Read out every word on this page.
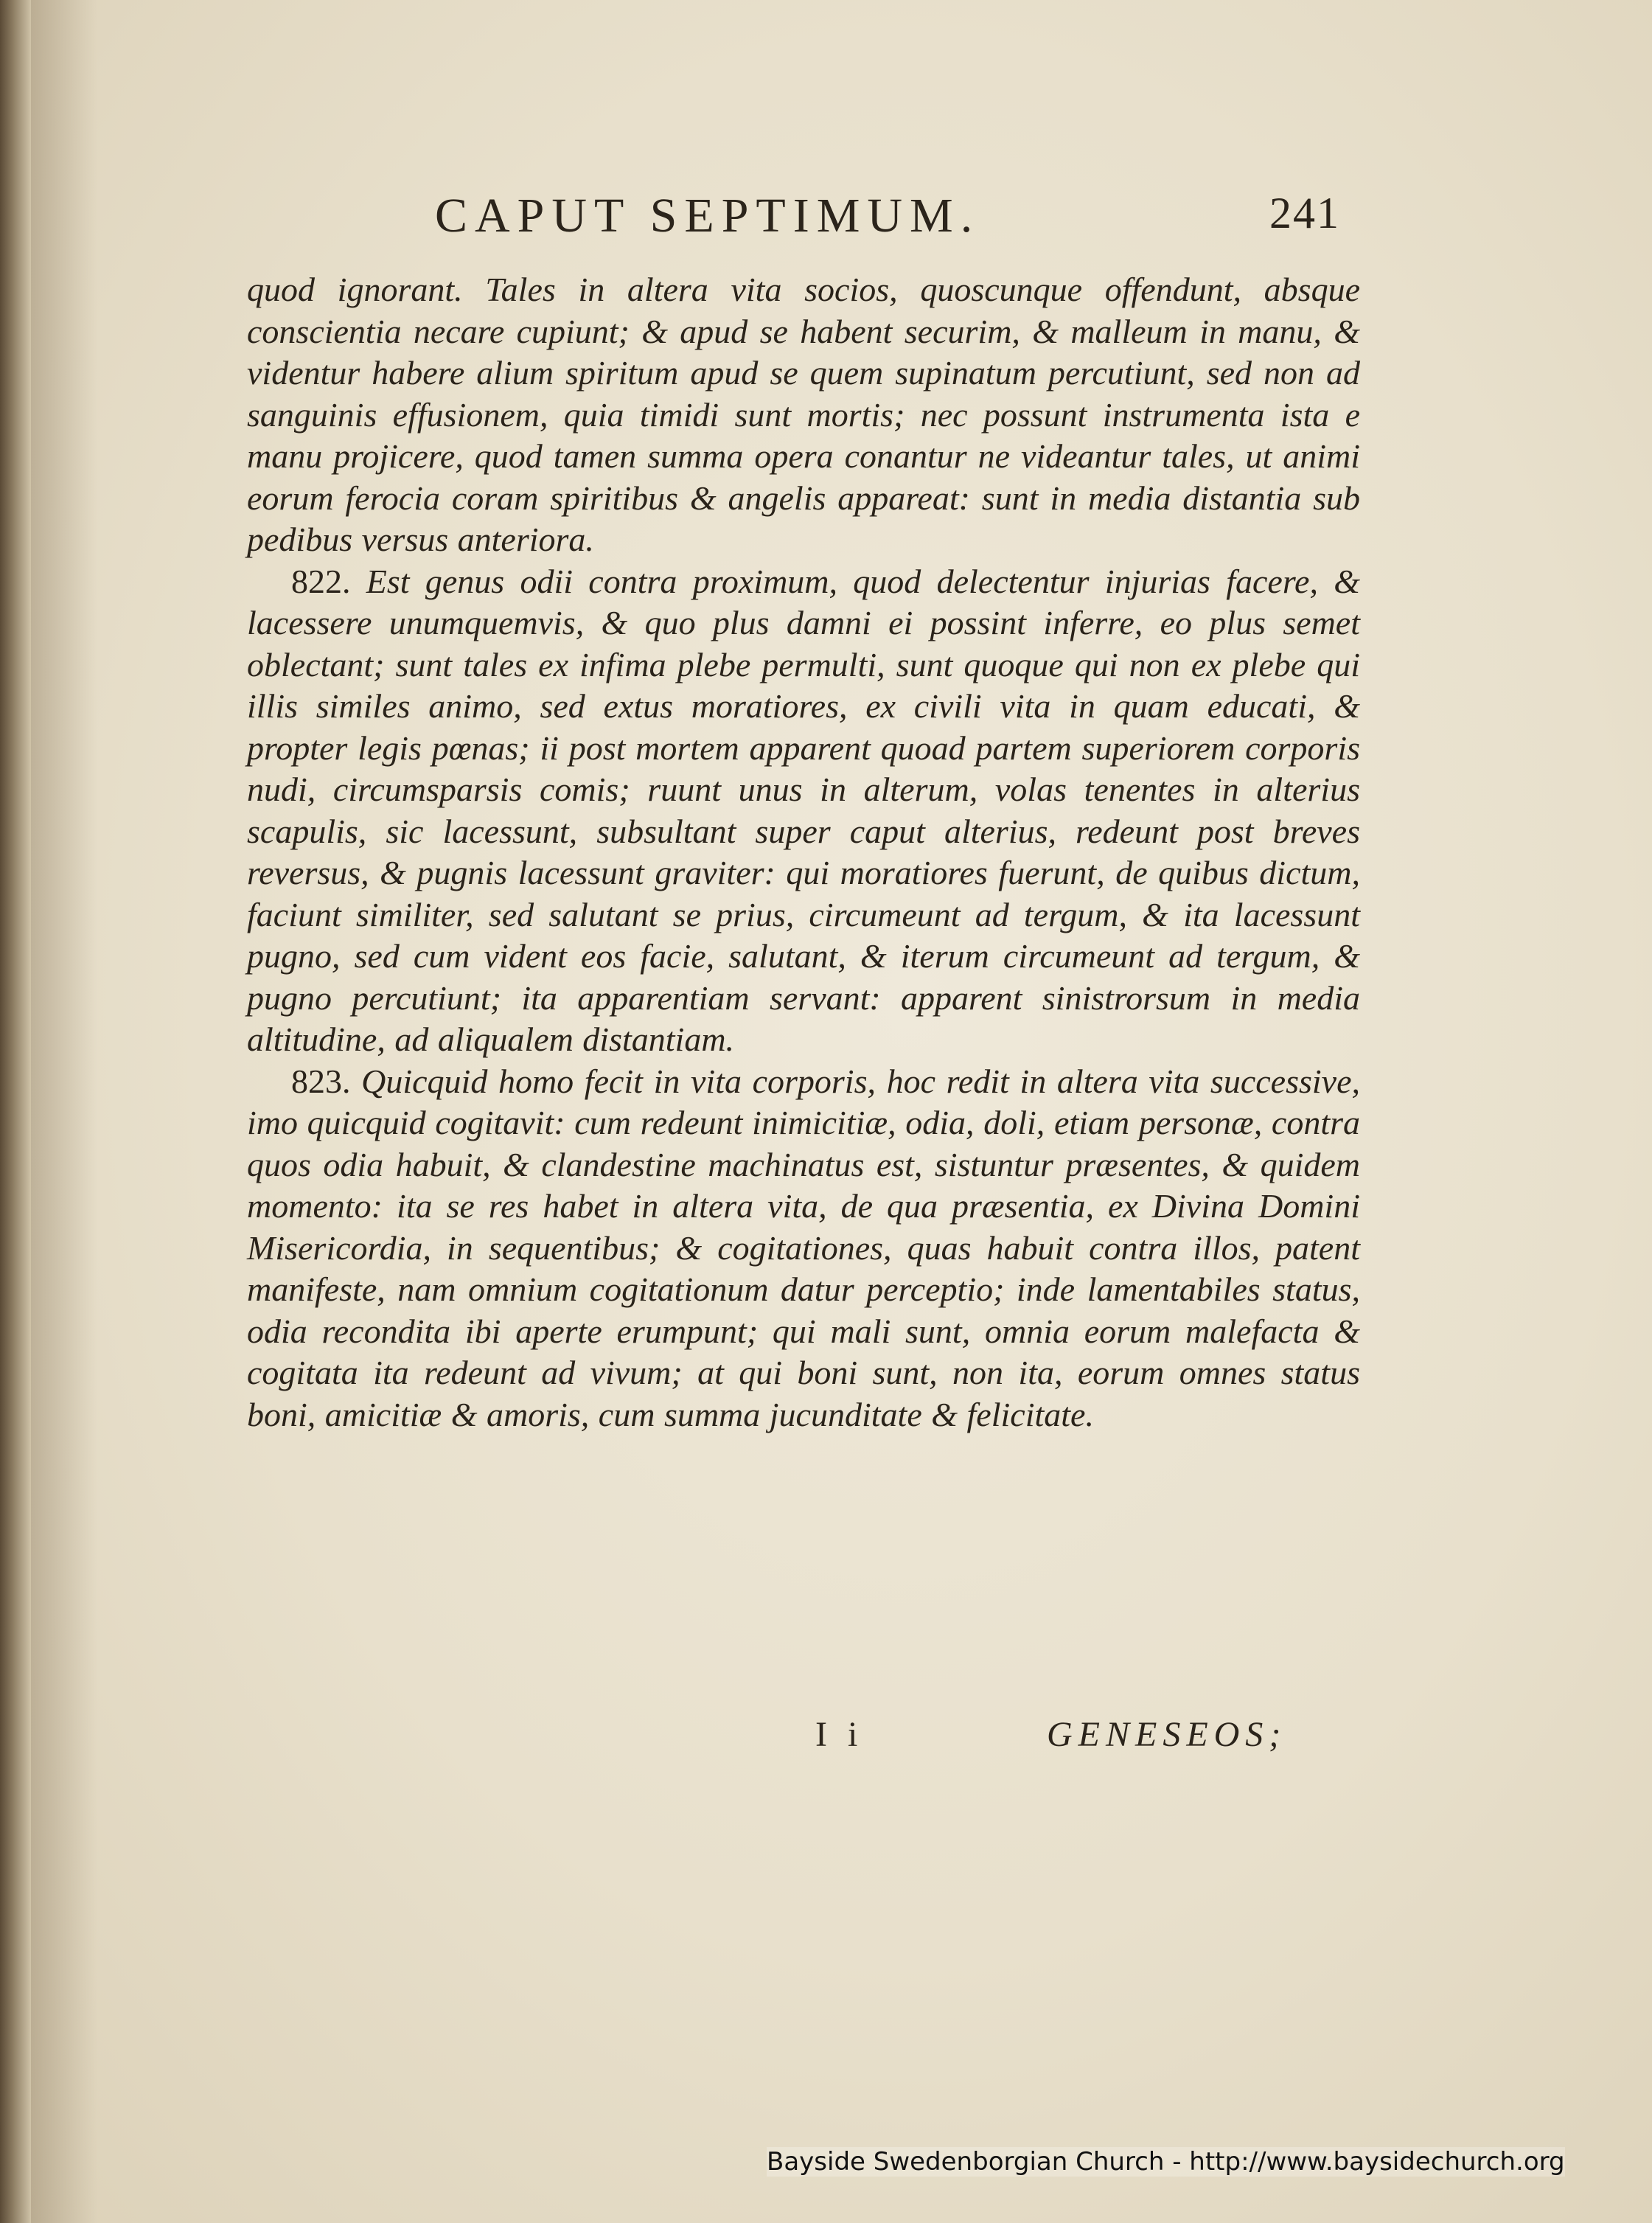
CAPUT SEPTIMUM.	241

quod ignorant. Tales in altera vita socios, quoscunque offendunt, absque conscientia necare cupiunt; & apud se habent securim, & malleum in manu, & videntur habere alium spiritum apud se quem supinatum percutiunt, sed non ad sanguinis effusionem, quia timidi sunt mortis; nec possunt instrumenta ista e manu projicere, quod tamen summa opera conantur ne videantur tales, ut animi eorum ferocia coram spiritibus & angelis appareat: sunt in media distantia sub pedibus versus anteriora.

822. Est genus odii contra proximum, quod delectentur injurias facere, & lacessere unumquemvis, & quo plus damni ei possint inferre, eo plus semet oblectant; sunt tales ex infima plebe permulti, sunt quoque qui non ex plebe qui illis similes animo, sed extus moratiores, ex civili vita in quam educati, & propter legis pœnas; ii post mortem apparent quoad partem superiorem corporis nudi, circumsparsis comis; ruunt unus in alterum, volas tenentes in alterius scapulis, sic lacessunt, subsultant super caput alterius, redeunt post breves reversus, & pugnis lacessunt graviter: qui moratiores fuerunt, de quibus dictum, faciunt similiter, sed salutant se prius, circumeunt ad tergum, & ita lacessunt pugno, sed cum vident eos facie, salutant, & iterum circumeunt ad tergum, & pugno percutiunt; ita apparentiam servant: apparent sinistrorsum in media altitudine, ad aliqualem distantiam.

823. Quicquid homo fecit in vita corporis, hoc redit in altera vita successive, imo quicquid cogitavit: cum redeunt inimicitiæ, odia, doli, etiam personæ, contra quos odia habuit, & clandestine machinatus est, sistuntur præsentes, & quidem momento: ita se res habet in altera vita, de qua præsentia, ex Divina Domini Misericordia, in sequentibus; & cogitationes, quas habuit contra illos, patent manifeste, nam omnium cogitationum datur perceptio; inde lamentabiles status, odia recondita ibi aperte erumpunt; qui mali sunt, omnia eorum malefacta & cogitata ita redeunt ad vivum; at qui boni sunt, non ita, eorum omnes status boni, amicitiæ & amoris, cum summa jucunditate & felicitate.

I i	GENESEOS;
Bayside Swedenborgian Church - http://www.baysidechurch.org
